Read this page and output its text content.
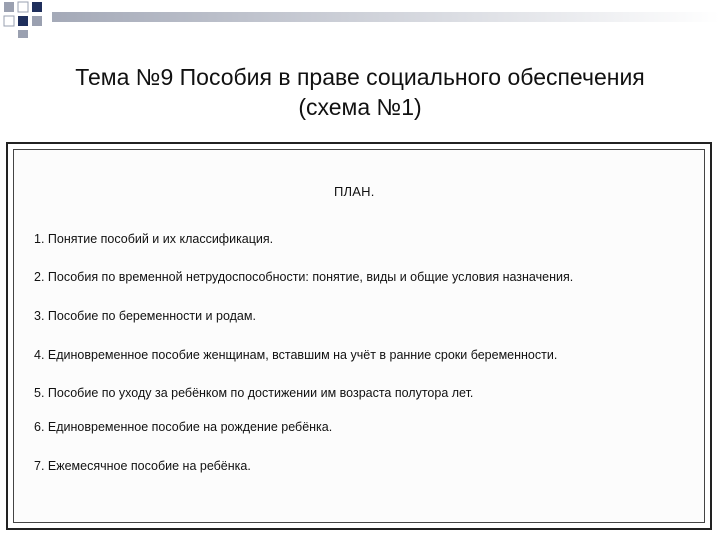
Тема №9 Пособия в праве социального обеспечения
(схема №1)
ПЛАН.
1. Понятие пособий и их классификация.
2. Пособия по временной нетрудоспособности: понятие, виды и общие условия назначения.
3. Пособие по беременности и родам.
4. Единовременное пособие женщинам, вставшим на учёт в ранние сроки беременности.
5. Пособие по уходу за ребёнком по достижении им возраста полутора лет.
6. Единовременное пособие на рождение ребёнка.
7. Ежемесячное пособие на ребёнка.
